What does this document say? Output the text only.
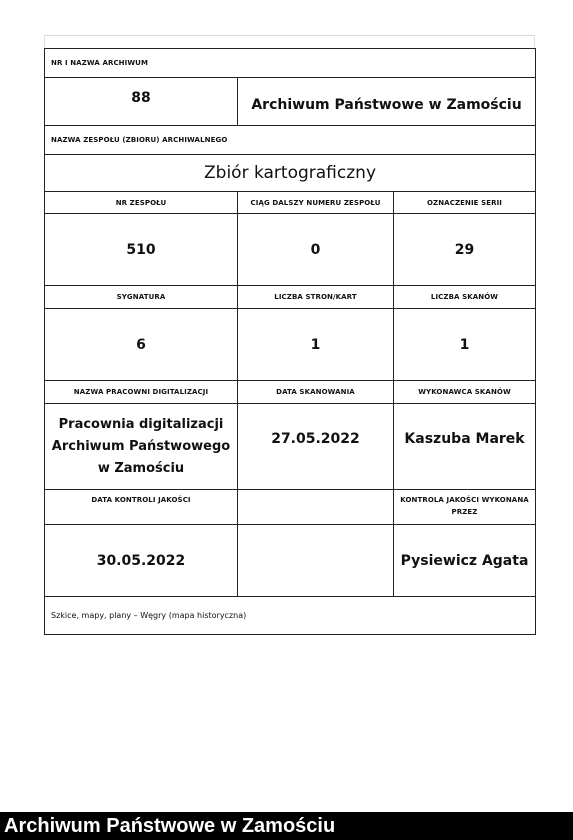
NR I NAZWA ARCHIWUM		
88	Archiwum Państwowe w Zamościu	
NAZWA ZESPOŁU (ZBIORU) ARCHIWALNEGO		
Zbiór kartograficzny		
NR ZESPOŁU	CIĄG DALSZY NUMERU ZESPOŁU	OZNACZENIE SERII
510	0	29
SYGNATURA	LICZBA STRON/KART	LICZBA SKANÓW
6	1	1
NAZWA PRACOWNI DIGITALIZACJI	DATA SKANOWANIA	WYKONAWCA SKANÓW
Pracownia digitalizacji Archiwum Państwowego w Zamościu	27.05.2022	Kaszuba Marek
DATA KONTROLI JAKOŚCI		KONTROLA JAKOŚCI WYKONANA PRZEZ
30.05.2022		Pysiewicz Agata
Szkice, mapy, plany – Węgry (mapa historyczna)		
Archiwum Państwowe w Zamościu
